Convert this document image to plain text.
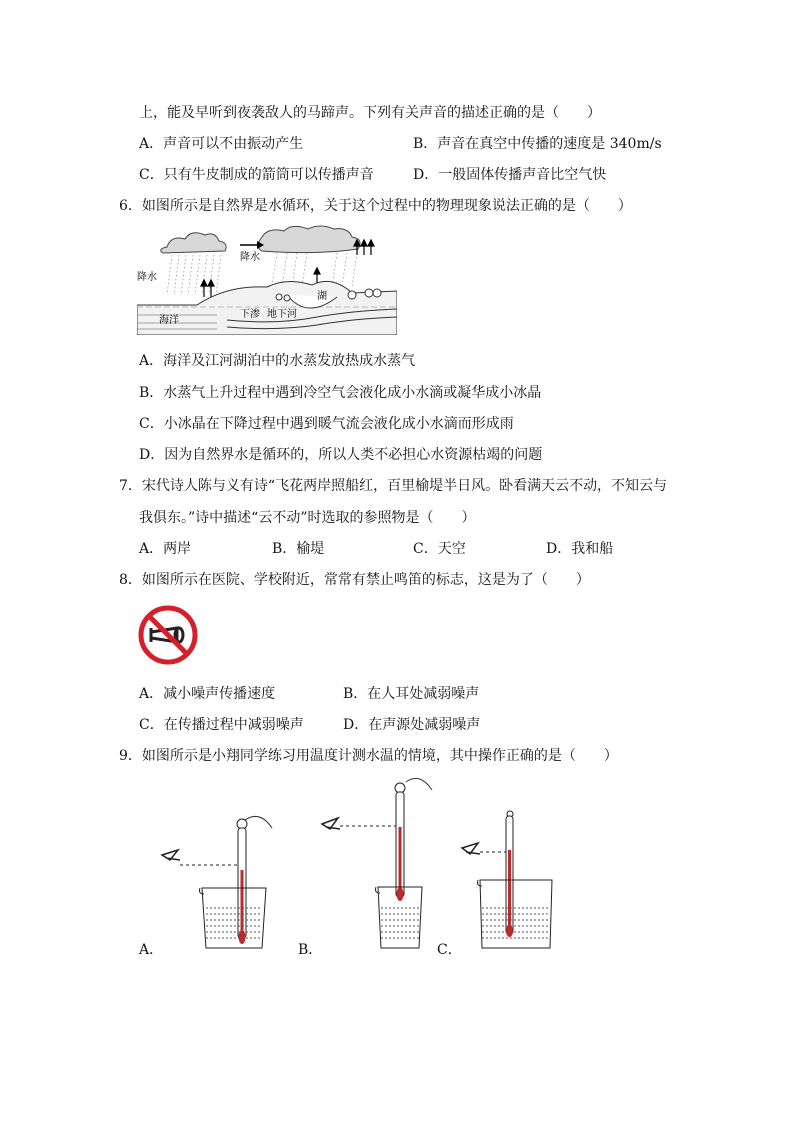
上，能及早听到夜袭敌人的马蹄声。下列有关声音的描述正确的是（　　）
A．声音可以不由振动产生	B．声音在真空中传播的速度是 340m/s
C．只有牛皮制成的箭筒可以传播声音	D．一般固体传播声音比空气快
6．如图所示是自然界是水循环，关于这个过程中的物理现象说法正确的是（　　）
降水
降水
海洋
下渗 地下河
湖
A．海洋及江河湖泊中的水蒸发放热成水蒸气
B．水蒸气上升过程中遇到冷空气会液化成小水滴或凝华成小冰晶
C．小冰晶在下降过程中遇到暖气流会液化成小水滴而形成雨
D．因为自然界水是循环的，所以人类不必担心水资源枯竭的问题
7．宋代诗人陈与义有诗“飞花两岸照船红，百里榆堤半日风。卧看满天云不动，不知云与
我俱东。”诗中描述“云不动”时选取的参照物是（　　）
A．两岸	B．榆堤	C．天空	D．我和船
8．如图所示在医院、学校附近，常常有禁止鸣笛的标志，这是为了（　　）
A．减小噪声传播速度	B．在人耳处减弱噪声
C．在传播过程中减弱噪声	D．在声源处减弱噪声
9．如图所示是小翔同学练习用温度计测水温的情境，其中操作正确的是（　　）
A．	B．	C．
